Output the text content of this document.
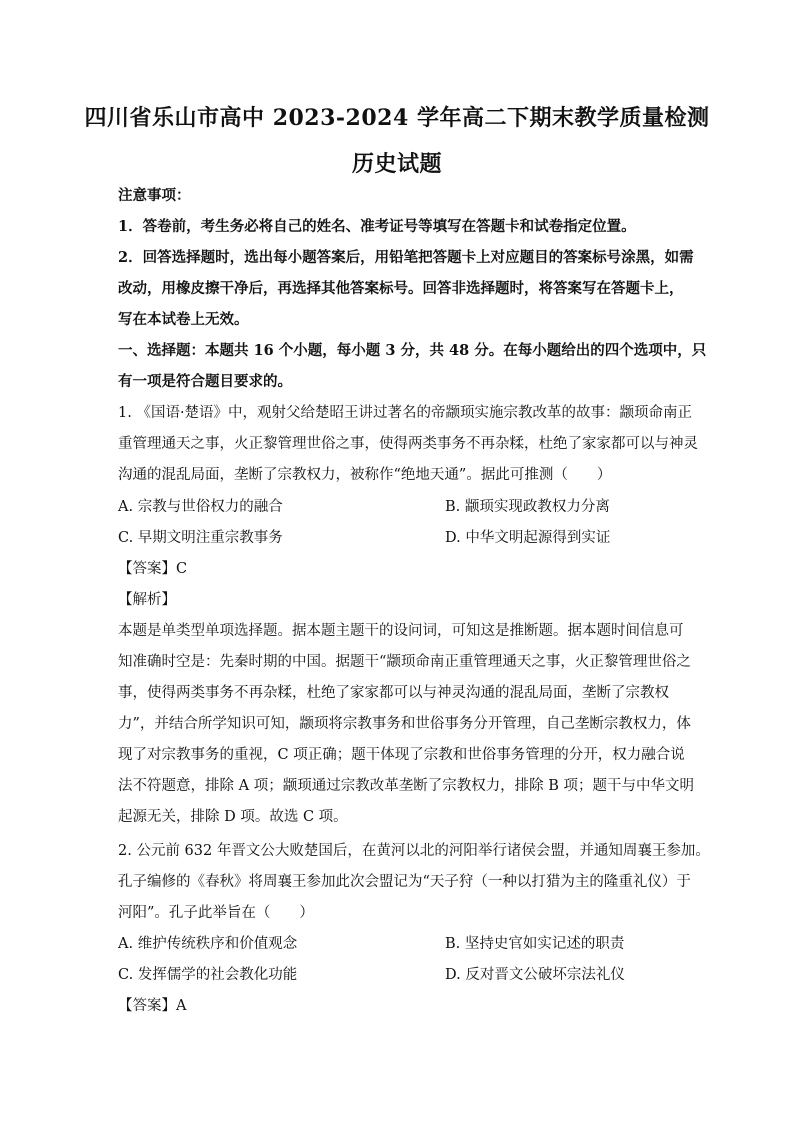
四川省乐山市高中 2023-2024 学年高二下期末教学质量检测
历史试题
注意事项：
1．答卷前，考生务必将自己的姓名、准考证号等填写在答题卡和试卷指定位置。
2．回答选择题时，选出每小题答案后，用铅笔把答题卡上对应题目的答案标号涂黑，如需
改动，用橡皮擦干净后，再选择其他答案标号。回答非选择题时，将答案写在答题卡上，
写在本试卷上无效。
一、选择题：本题共 16 个小题，每小题 3 分，共 48 分。在每小题给出的四个选项中，只
有一项是符合题目要求的。
1. 《国语·楚语》中，观射父给楚昭王讲过著名的帝颛顼实施宗教改革的故事：颛顼命南正
重管理通天之事，火正黎管理世俗之事，使得两类事务不再杂糅，杜绝了家家都可以与神灵
沟通的混乱局面，垄断了宗教权力，被称作“绝地天通”。据此可推测（　　）
A. 宗教与世俗权力的融合	B. 颛顼实现政教权力分离
C. 早期文明注重宗教事务	D. 中华文明起源得到实证
【答案】C
【解析】
本题是单类型单项选择题。据本题主题干的设问词，可知这是推断题。据本题时间信息可
知准确时空是：先秦时期的中国。据题干“颛顼命南正重管理通天之事，火正黎管理世俗之
事，使得两类事务不再杂糅，杜绝了家家都可以与神灵沟通的混乱局面，垄断了宗教权
力”，并结合所学知识可知，颛顼将宗教事务和世俗事务分开管理，自己垄断宗教权力，体
现了对宗教事务的重视，C 项正确；题干体现了宗教和世俗事务管理的分开，权力融合说
法不符题意，排除 A 项；颛顼通过宗教改革垄断了宗教权力，排除 B 项；题干与中华文明
起源无关，排除 D 项。故选 C 项。
2. 公元前 632 年晋文公大败楚国后，在黄河以北的河阳举行诸侯会盟，并通知周襄王参加。
孔子编修的《春秋》将周襄王参加此次会盟记为“天子狩（一种以打猎为主的隆重礼仪）于
河阳”。孔子此举旨在（　　）
A. 维护传统秩序和价值观念	B. 坚持史官如实记述的职责
C. 发挥儒学的社会教化功能	D. 反对晋文公破坏宗法礼仪
【答案】A
